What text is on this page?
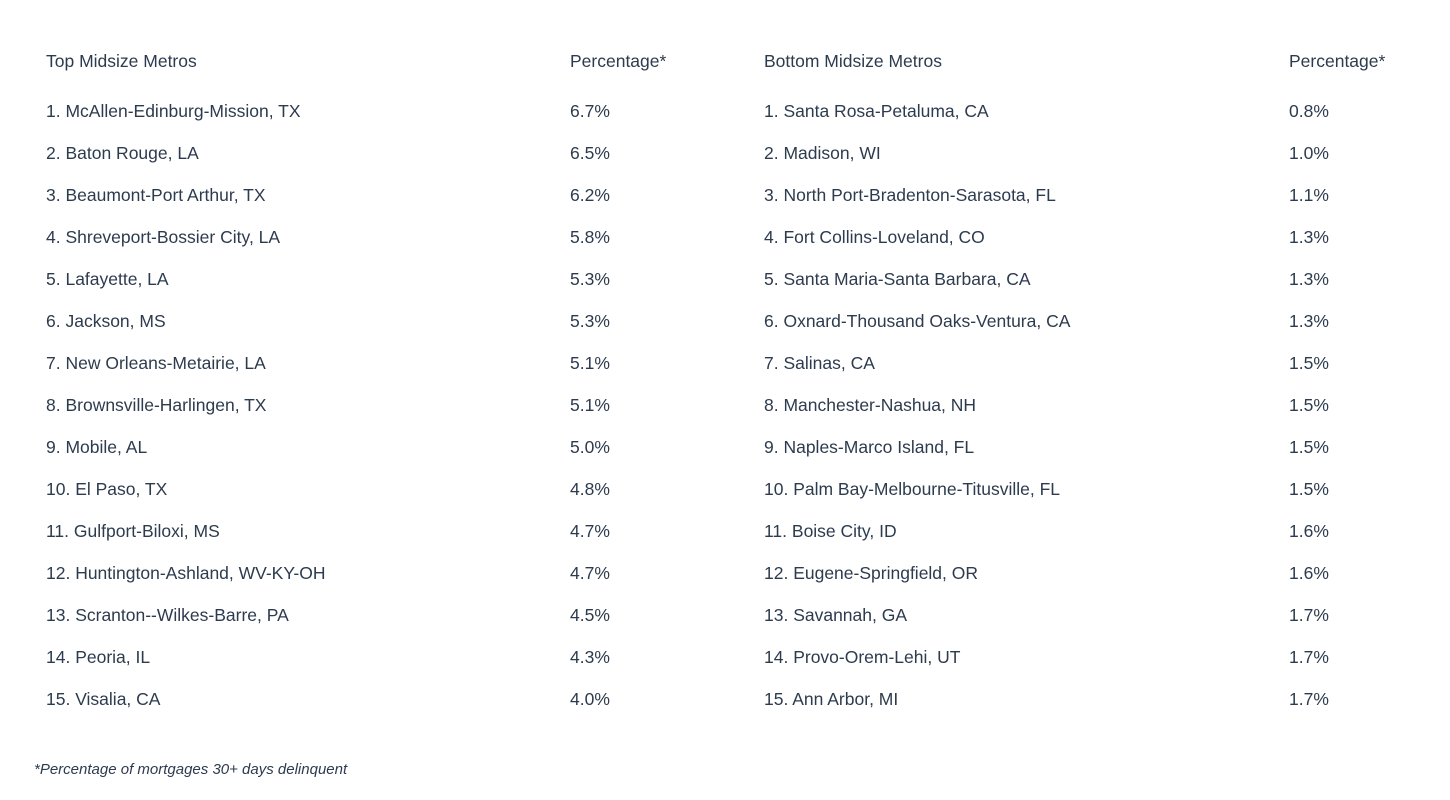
Top Midsize Metros	Percentage*	Bottom Midsize Metros	Percentage*
1. McAllen-Edinburg-Mission, TX	6.7%	1. Santa Rosa-Petaluma, CA	0.8%
2. Baton Rouge, LA	6.5%	2. Madison, WI	1.0%
3. Beaumont-Port Arthur, TX	6.2%	3. North Port-Bradenton-Sarasota, FL	1.1%
4. Shreveport-Bossier City, LA	5.8%	4. Fort Collins-Loveland, CO	1.3%
5. Lafayette, LA	5.3%	5. Santa Maria-Santa Barbara, CA	1.3%
6. Jackson, MS	5.3%	6. Oxnard-Thousand Oaks-Ventura, CA	1.3%
7. New Orleans-Metairie, LA	5.1%	7. Salinas, CA	1.5%
8. Brownsville-Harlingen, TX	5.1%	8. Manchester-Nashua, NH	1.5%
9. Mobile, AL	5.0%	9. Naples-Marco Island, FL	1.5%
10. El Paso, TX	4.8%	10. Palm Bay-Melbourne-Titusville, FL	1.5%
11. Gulfport-Biloxi, MS	4.7%	11. Boise City, ID	1.6%
12. Huntington-Ashland, WV-KY-OH	4.7%	12. Eugene-Springfield, OR	1.6%
13. Scranton--Wilkes-Barre, PA	4.5%	13. Savannah, GA	1.7%
14. Peoria, IL	4.3%	14. Provo-Orem-Lehi, UT	1.7%
15. Visalia, CA	4.0%	15. Ann Arbor, MI	1.7%
*Percentage of mortgages 30+ days delinquent
